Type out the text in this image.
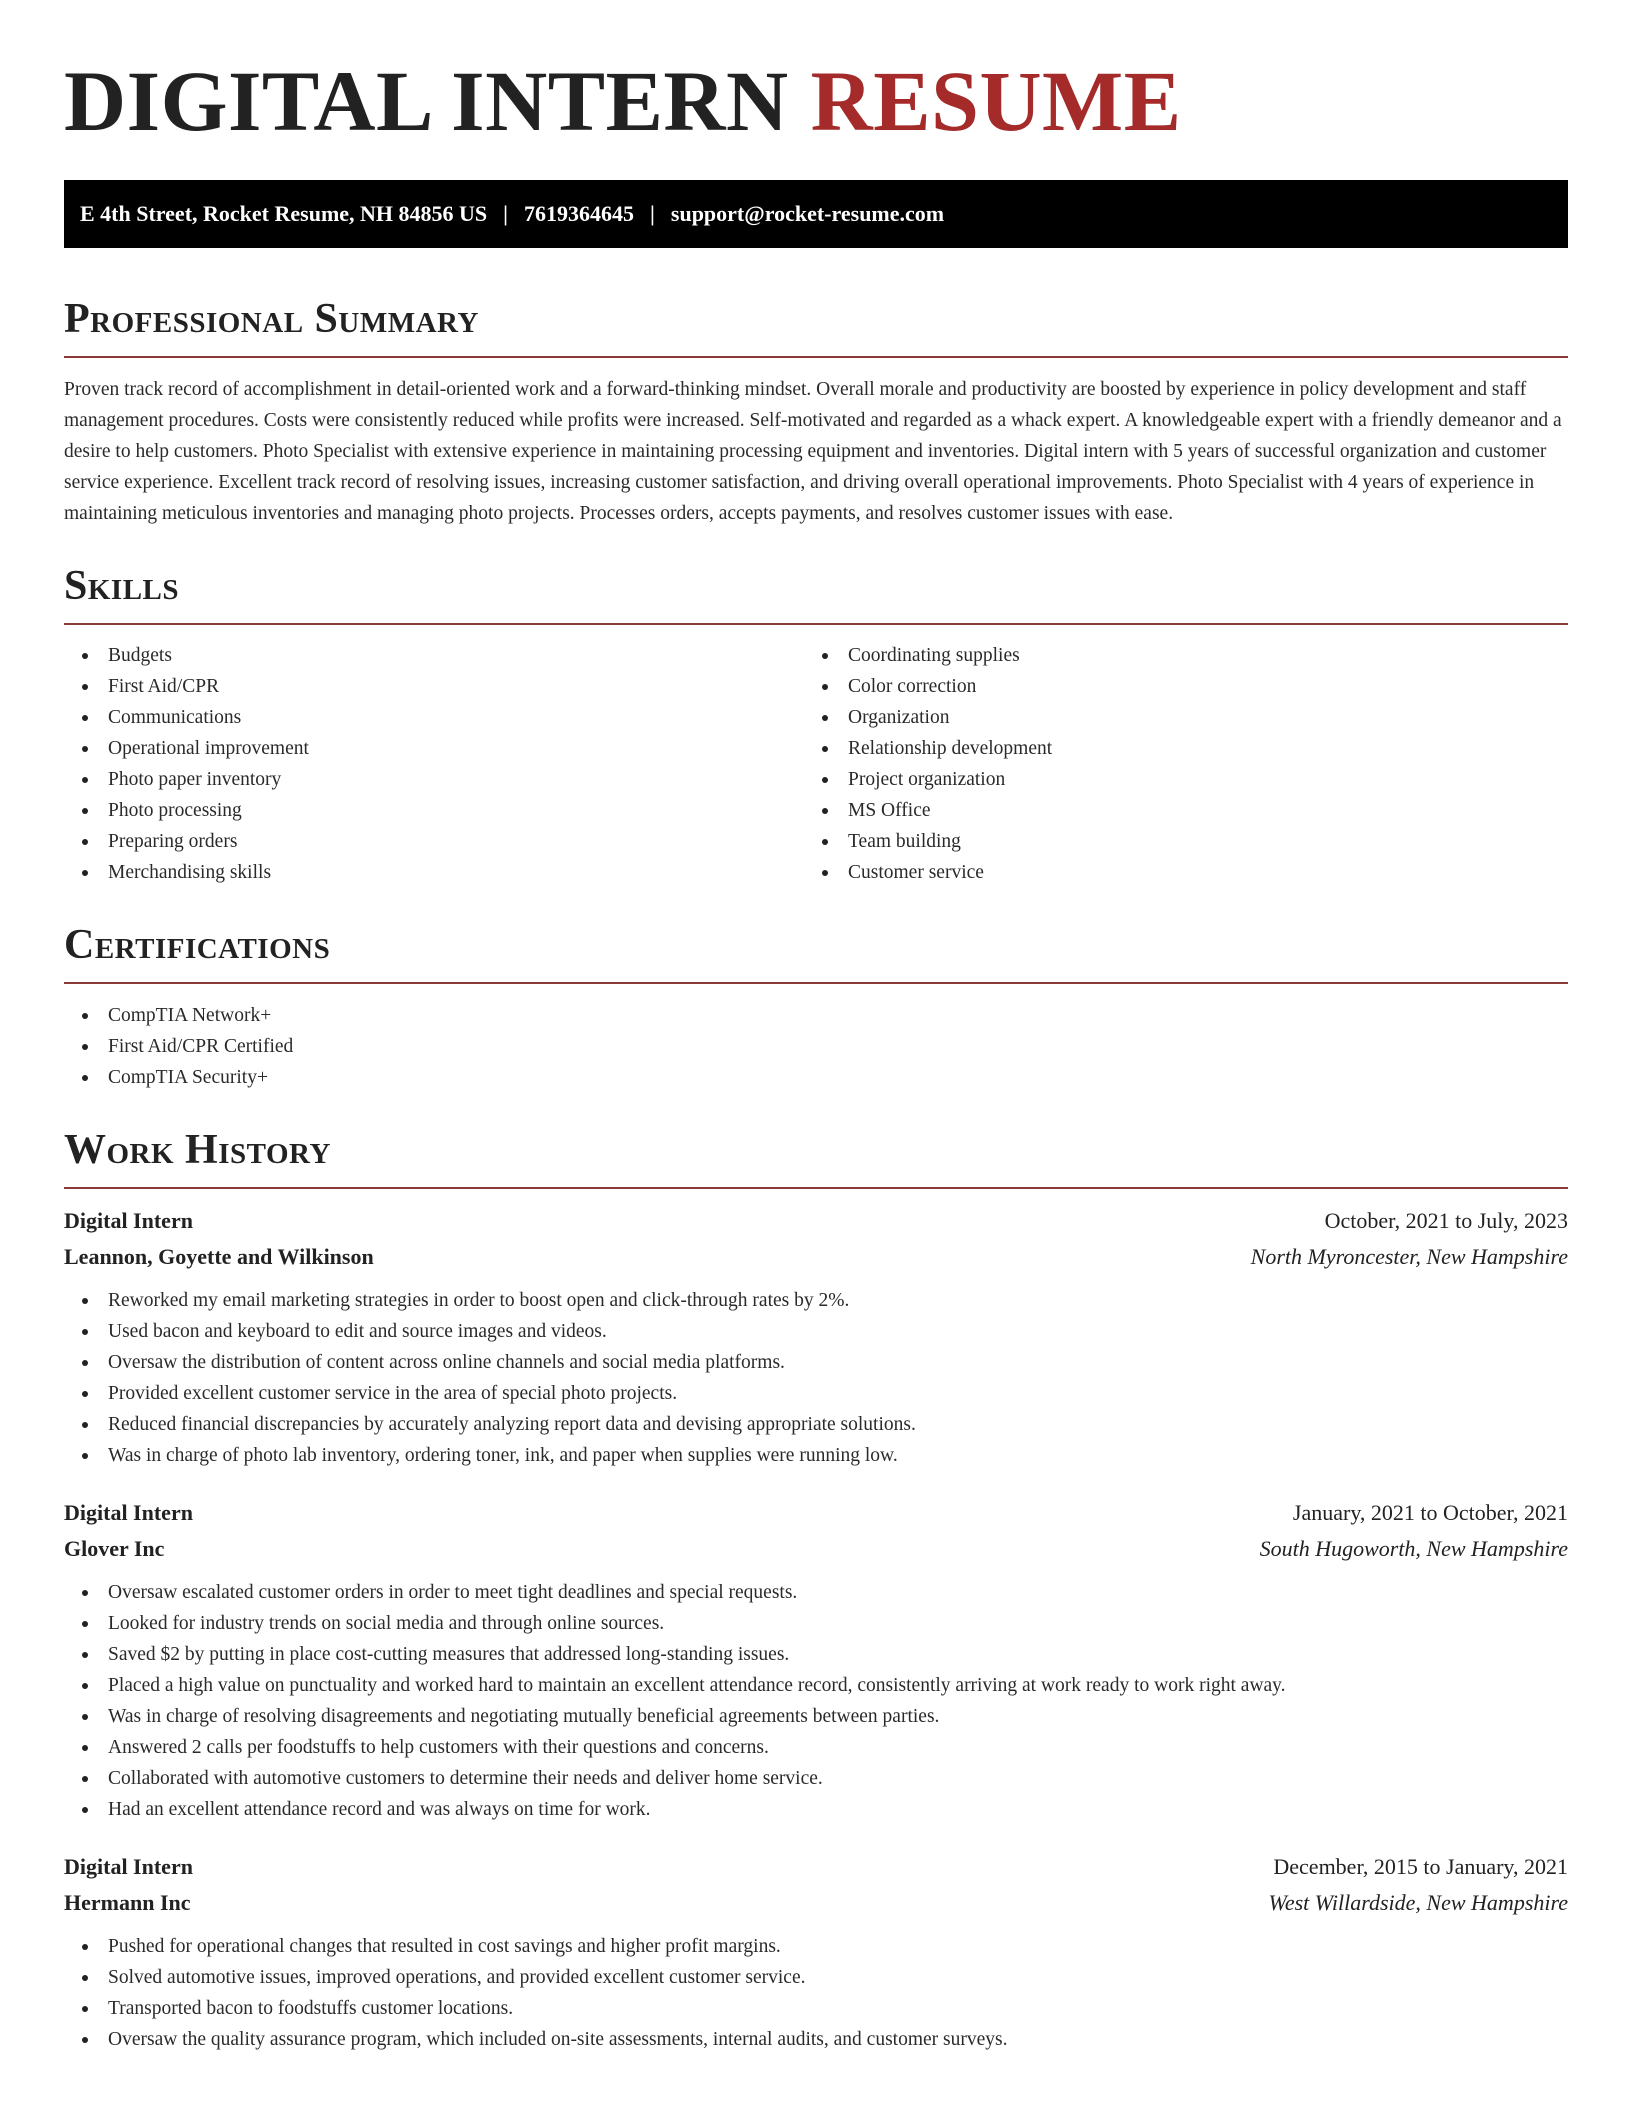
DIGITAL INTERN RESUME
E 4th Street, Rocket Resume, NH 84856 US | 7619364645 | support@rocket-resume.com
Professional Summary

Proven track record of accomplishment in detail-oriented work and a forward-thinking mindset. Overall morale and productivity are boosted by experience in policy development and staff management procedures. Costs were consistently reduced while profits were increased. Self-motivated and regarded as a whack expert. A knowledgeable expert with a friendly demeanor and a desire to help customers. Photo Specialist with extensive experience in maintaining processing equipment and inventories. Digital intern with 5 years of successful organization and customer service experience. Excellent track record of resolving issues, increasing customer satisfaction, and driving overall operational improvements. Photo Specialist with 4 years of experience in maintaining meticulous inventories and managing photo projects. Processes orders, accepts payments, and resolves customer issues with ease.

Skills
Budgets
First Aid/CPR
Communications
Operational improvement
Photo paper inventory
Photo processing
Preparing orders
Merchandising skills
Coordinating supplies
Color correction
Organization
Relationship development
Project organization
MS Office
Team building
Customer service
Certifications
CompTIA Network+
First Aid/CPR Certified
CompTIA Security+
Work History
Digital Intern	October, 2021 to July, 2023
Leannon, Goyette and Wilkinson	North Myroncester, New Hampshire
Reworked my email marketing strategies in order to boost open and click-through rates by 2%.
Used bacon and keyboard to edit and source images and videos.
Oversaw the distribution of content across online channels and social media platforms.
Provided excellent customer service in the area of special photo projects.
Reduced financial discrepancies by accurately analyzing report data and devising appropriate solutions.
Was in charge of photo lab inventory, ordering toner, ink, and paper when supplies were running low.
Digital Intern	January, 2021 to October, 2021
Glover Inc	South Hugoworth, New Hampshire
Oversaw escalated customer orders in order to meet tight deadlines and special requests.
Looked for industry trends on social media and through online sources.
Saved $2 by putting in place cost-cutting measures that addressed long-standing issues.
Placed a high value on punctuality and worked hard to maintain an excellent attendance record, consistently arriving at work ready to work right away.
Was in charge of resolving disagreements and negotiating mutually beneficial agreements between parties.
Answered 2 calls per foodstuffs to help customers with their questions and concerns.
Collaborated with automotive customers to determine their needs and deliver home service.
Had an excellent attendance record and was always on time for work.
Digital Intern	December, 2015 to January, 2021
Hermann Inc	West Willardside, New Hampshire
Pushed for operational changes that resulted in cost savings and higher profit margins.
Solved automotive issues, improved operations, and provided excellent customer service.
Transported bacon to foodstuffs customer locations.
Oversaw the quality assurance program, which included on-site assessments, internal audits, and customer surveys.
